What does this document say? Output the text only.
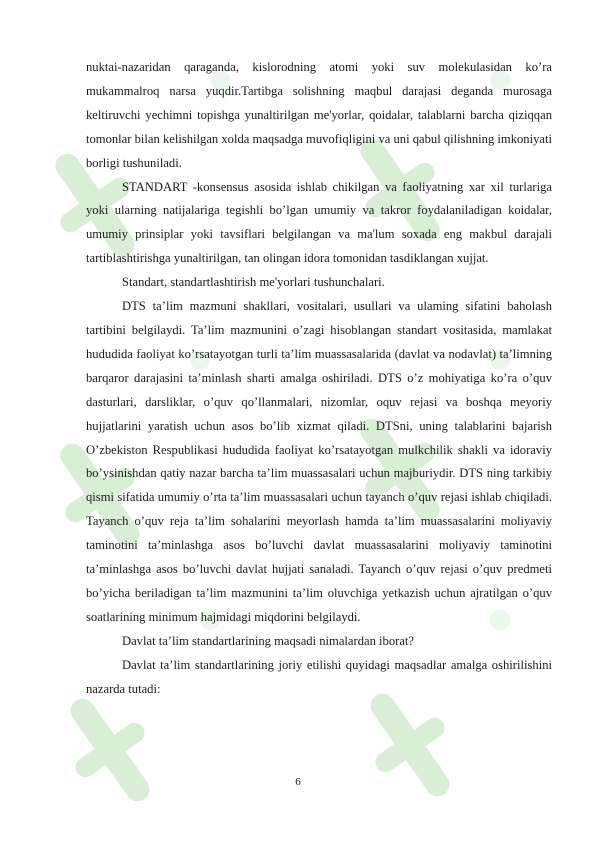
nuktai-nazaridan qaraganda, kislorodning atomi yoki suv molekulasidan ko’ra mukammalroq narsa yuqdir.Tartibga solishning maqbul darajasi deganda murosaga keltiruvchi yechimni topishga yunaltirilgan me'yorlar, qoidalar, talablarni barcha qiziqqan tomonlar bilan kelishilgan xolda maqsadga muvofiqligini va uni qabul qilishning imkoniyati borligi tushuniladi.

STANDART -konsensus asosida ishlab chikilgan va faoliyatning xar xil turlariga yoki ularning natijalariga tegishli bo’lgan umumiy va takror foydalaniladigan koidalar, umumiy prinsiplar yoki tavsiflari belgilangan va ma'lum soxada eng makbul darajali tartiblashtirishga yunaltirilgan, tan olingan idora tomonidan tasdiklangan xujjat.

Standart, standartlashtirish me'yorlari tushunchalari.

DTS ta’lim mazmuni shakllari, vositalari, usullari va ulaming sifatini baholash tartibini belgilaydi. Ta’lim mazmunini o’zagi hisoblangan standart vositasida, mamlakat hududida faoliyat ko’rsatayotgan turli ta’lim muassasalarida (davlat va nodavlat) ta’limning barqaror darajasini ta’minlash sharti amalga oshiriladi. DTS o’z mohiyatiga ko’ra o’quv dasturlari, darsliklar, o’quv qo’llanmalari, nizomlar, oquv rejasi va boshqa meyoriy hujjatlarini yaratish uchun asos bo’lib xizmat qiladi. DTSni, uning talablarini bajarish O’zbekiston Respublikasi hududida faoliyat ko’rsatayotgan mulkchilik shakli va idoraviy bo’ysinishdan qatiy nazar barcha ta’lim muassasalari uchun majburiydir. DTS ning tarkibiy qismi sifatida umumiy o’rta ta’lim muassasalari uchun tayanch o’quv rejasi ishlab chiqiladi. Tayanch o’quv reja ta’lim sohalarini meyorlash hamda ta’lim muassasalarini moliyaviy taminotini ta’minlashga asos bo’luvchi davlat muassasalarini moliyaviy taminotini ta’minlashga asos bo’luvchi davlat hujjati sanaladi. Tayanch o’quv rejasi o’quv predmeti bo’yicha beriladigan ta’lim mazmunini ta’lim oluvchiga yetkazish uchun ajratilgan o’quv soatlarining minimum hajmidagi miqdorini belgilaydi.

Davlat ta’lim standartlarining maqsadi nimalardan iborat?

Davlat ta’lim standartlarining joriy etilishi quyidagi maqsadlar amalga oshirilishini nazarda tutadi:

6
